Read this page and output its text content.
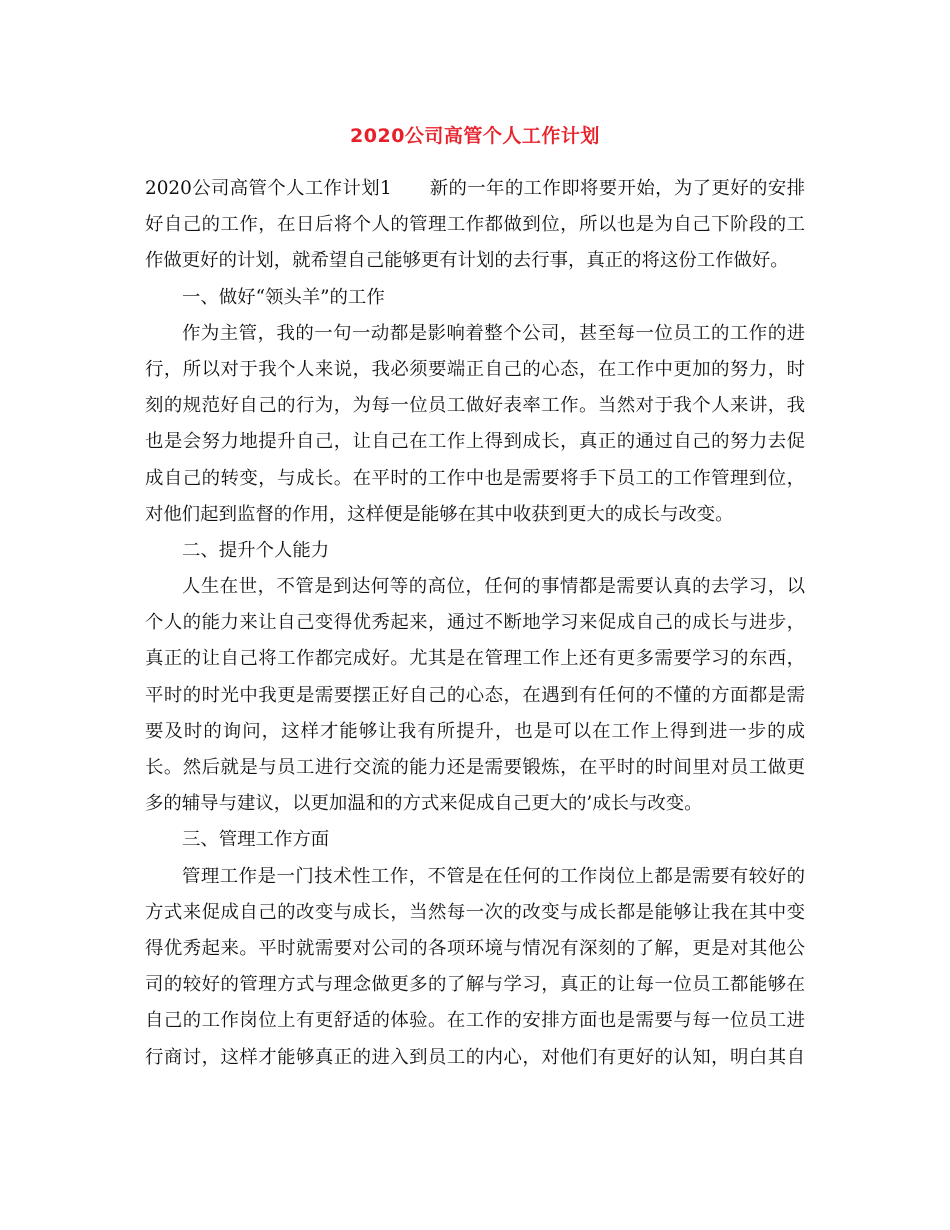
2020公司高管个人工作计划
2020公司高管个人工作计划1　　新的一年的工作即将要开始，为了更好的安排
好自己的工作，在日后将个人的管理工作都做到位，所以也是为自己下阶段的工
作做更好的计划，就希望自己能够更有计划的去行事，真正的将这份工作做好。
一、做好“领头羊”的工作
作为主管，我的一句一动都是影响着整个公司，甚至每一位员工的工作的进
行，所以对于我个人来说，我必须要端正自己的心态，在工作中更加的努力，时
刻的规范好自己的行为，为每一位员工做好表率工作。当然对于我个人来讲，我
也是会努力地提升自己，让自己在工作上得到成长，真正的通过自己的努力去促
成自己的转变，与成长。在平时的工作中也是需要将手下员工的工作管理到位，
对他们起到监督的作用，这样便是能够在其中收获到更大的成长与改变。
二、提升个人能力
人生在世，不管是到达何等的高位，任何的事情都是需要认真的去学习，以
个人的能力来让自己变得优秀起来，通过不断地学习来促成自己的成长与进步，
真正的让自己将工作都完成好。尤其是在管理工作上还有更多需要学习的东西，
平时的时光中我更是需要摆正好自己的心态，在遇到有任何的不懂的方面都是需
要及时的询问，这样才能够让我有所提升，也是可以在工作上得到进一步的成
长。然后就是与员工进行交流的能力还是需要锻炼，在平时的时间里对员工做更
多的辅导与建议，以更加温和的方式来促成自己更大的’成长与改变。
三、管理工作方面
管理工作是一门技术性工作，不管是在任何的工作岗位上都是需要有较好的
方式来促成自己的改变与成长，当然每一次的改变与成长都是能够让我在其中变
得优秀起来。平时就需要对公司的各项环境与情况有深刻的了解，更是对其他公
司的较好的管理方式与理念做更多的了解与学习，真正的让每一位员工都能够在
自己的工作岗位上有更舒适的体验。在工作的安排方面也是需要与每一位员工进
行商讨，这样才能够真正的进入到员工的内心，对他们有更好的认知，明白其自
